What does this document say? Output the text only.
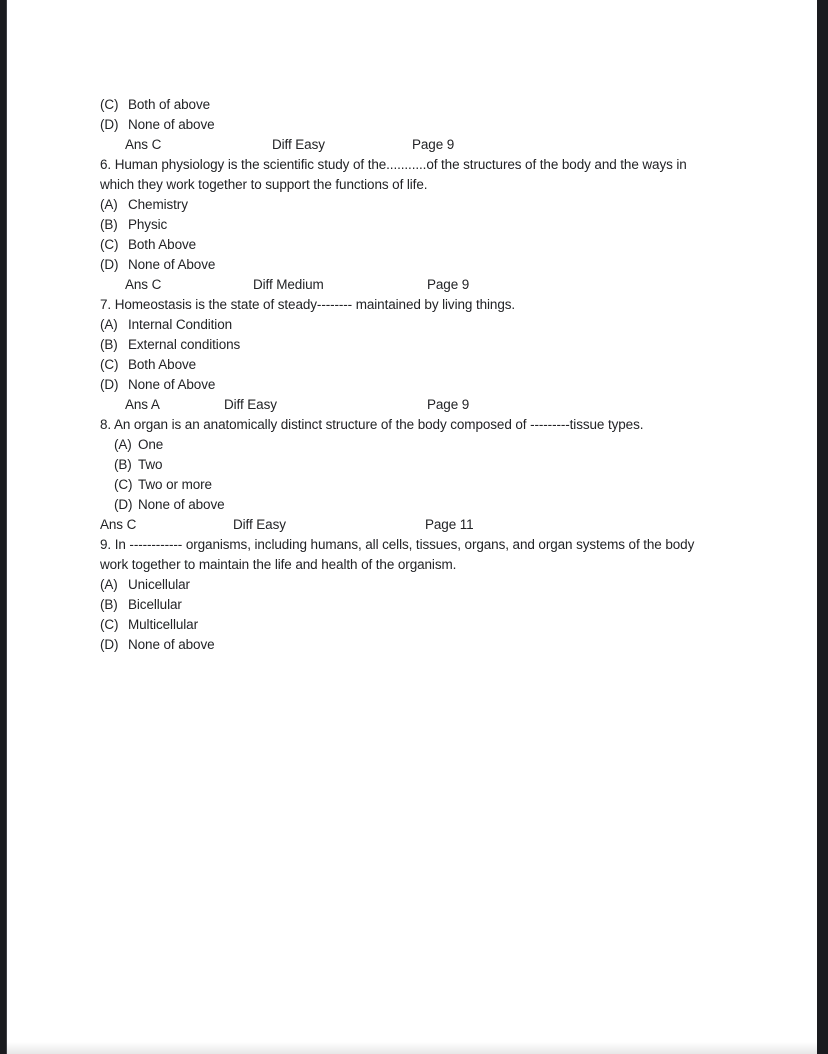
(C) Both of above
(D) None of above
Ans C	Diff Easy	Page 9

6. Human physiology is the scientific study of the...........of the structures of the body and the ways in which they work together to support the functions of life.

(A) Chemistry
(B) Physic
(C) Both Above
(D) None of Above
Ans C	Diff Medium	Page 9

7. Homeostasis is the state of steady-------- maintained by living things.

(A) Internal Condition
(B) External conditions
(C) Both Above
(D) None of Above
Ans A	Diff Easy	Page 9

8. An organ is an anatomically distinct structure of the body composed of ---------tissue types.

(A) One
(B) Two
(C) Two or more
(D) None of above
Ans C	Diff Easy	Page 11

9. In ------------ organisms, including humans, all cells, tissues, organs, and organ systems of the body work together to maintain the life and health of the organism.

(A) Unicellular
(B) Bicellular
(C) Multicellular
(D) None of above
